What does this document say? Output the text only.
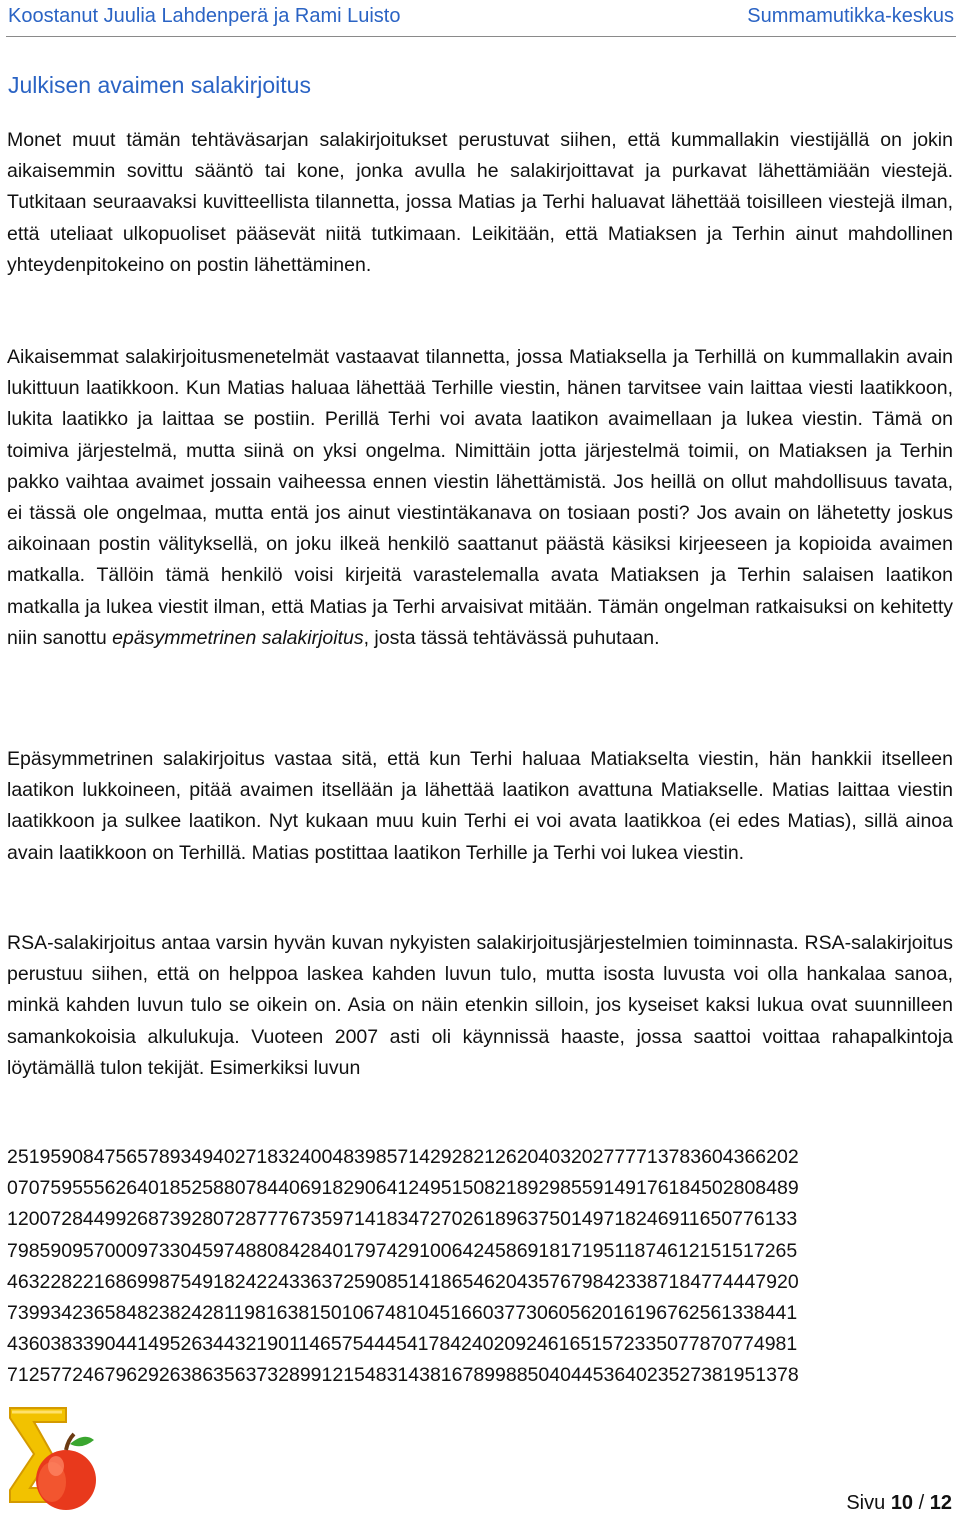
Koostanut Juulia Lahdenperä ja Rami Luisto	Summamutikka-keskus
Julkisen avaimen salakirjoitus

Monet muut tämän tehtäväsarjan salakirjoitukset perustuvat siihen, että kummallakin viestijällä on jokin aikaisemmin sovittu sääntö tai kone, jonka avulla he salakirjoittavat ja purkavat lähettämiään viestejä. Tutkitaan seuraavaksi kuvitteellista tilannetta, jossa Matias ja Terhi haluavat lähettää toisilleen viestejä ilman, että uteliaat ulkopuoliset pääsevät niitä tutkimaan. Leikitään, että Matiaksen ja Terhin ainut mahdollinen yhteydenpitokeino on postin lähettäminen.

Aikaisemmat salakirjoitusmenetelmät vastaavat tilannetta, jossa Matiaksella ja Terhillä on kummallakin avain lukittuun laatikkoon. Kun Matias haluaa lähettää Terhille viestin, hänen tarvitsee vain laittaa viesti laatikkoon, lukita laatikko ja laittaa se postiin. Perillä Terhi voi avata laatikon avaimellaan ja lukea viestin. Tämä on toimiva järjestelmä, mutta siinä on yksi ongelma. Nimittäin jotta järjestelmä toimii, on Matiaksen ja Terhin pakko vaihtaa avaimet jossain vaiheessa ennen viestin lähettämistä. Jos heillä on ollut mahdollisuus tavata, ei tässä ole ongelmaa, mutta entä jos ainut viestintäkanava on tosiaan posti? Jos avain on lähetetty joskus aikoinaan postin välityksellä, on joku ilkeä henkilö saattanut päästä käsiksi kirjeeseen ja kopioida avaimen matkalla. Tällöin tämä henkilö voisi kirjeitä varastelemalla avata Matiaksen ja Terhin salaisen laatikon matkalla ja lukea viestit ilman, että Matias ja Terhi arvaisivat mitään. Tämän ongelman ratkaisuksi on kehitetty niin sanottu epäsymmetrinen salakirjoitus, josta tässä tehtävässä puhutaan.

Epäsymmetrinen salakirjoitus vastaa sitä, että kun Terhi haluaa Matiakselta viestin, hän hankkii itselleen laatikon lukkoineen, pitää avaimen itsellään ja lähettää laatikon avattuna Matiakselle. Matias laittaa viestin laatikkoon ja sulkee laatikon. Nyt kukaan muu kuin Terhi ei voi avata laatikkoa (ei edes Matias), sillä ainoa avain laatikkoon on Terhillä. Matias postittaa laatikon Terhille ja Terhi voi lukea viestin.

RSA-salakirjoitus antaa varsin hyvän kuvan nykyisten salakirjoitusjärjestelmien toiminnasta. RSA-salakirjoitus perustuu siihen, että on helppoa laskea kahden luvun tulo, mutta isosta luvusta voi olla hankalaa sanoa, minkä kahden luvun tulo se oikein on. Asia on näin etenkin silloin, jos kyseiset kaksi lukua ovat suunnilleen samankokoisia alkulukuja. Vuoteen 2007 asti oli käynnissä haaste, jossa saattoi voittaa rahapalkintoja löytämällä tulon tekijät. Esimerkiksi luvun

2519590847565789349402718324004839857142928212620403202777713783604366202
0707595556264018525880784406918290641249515082189298559149176184502808489
1200728449926873928072877767359714183472702618963750149718246911650776133
7985909570009733045974880842840179742910064245869181719511874612151517265
4632282216869987549182422433637259085141865462043576798423387184774447920
7399342365848238242811981638150106748104516603773060562016196762561338441
4360383390441495263443219011465754445417842402092461651572335077870774981
7125772467962926386356373289912154831438167899885040445364023527381951378
Sivu 10 / 12
